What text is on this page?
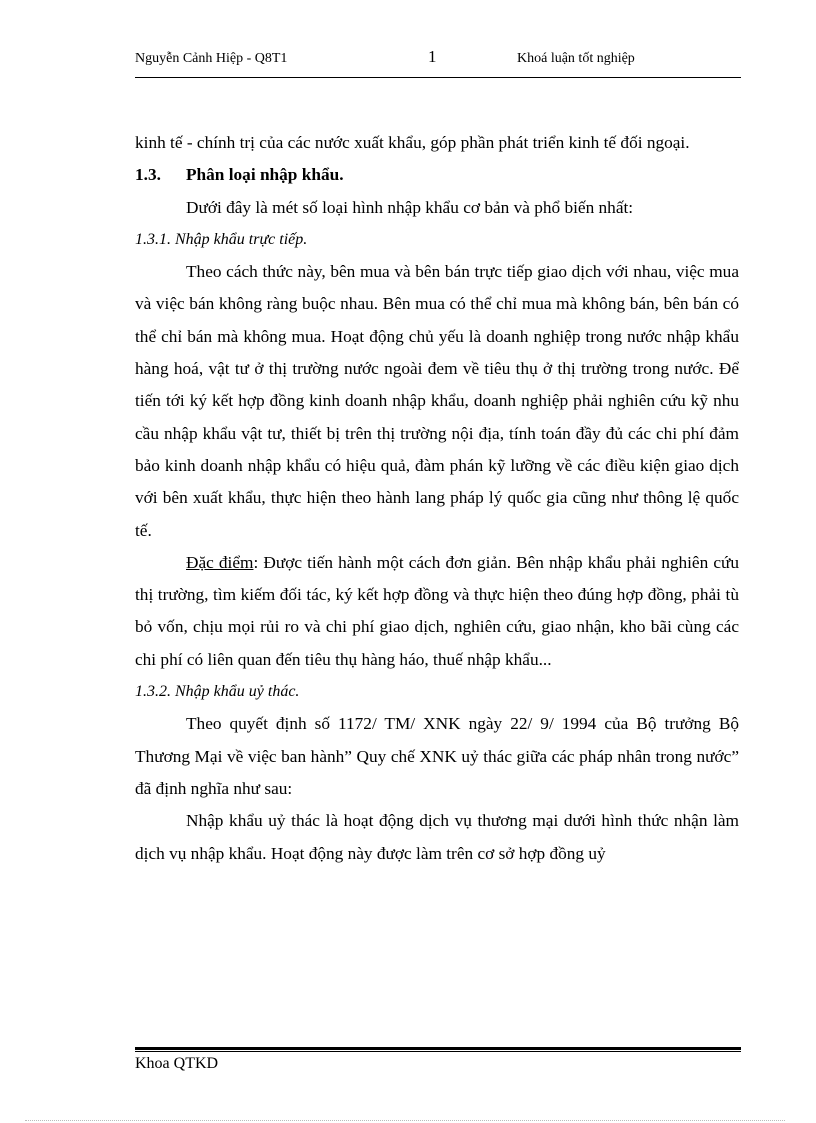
Nguyễn Cảnh Hiệp - Q8T1	1	Khoá luận tốt nghiệp

kinh tế - chính trị của các nước xuất khẩu, góp phần phát triển kinh tế đối ngoại.

1.3. Phân loại nhập khẩu.

Dưới đây là mét số loại hình nhập khẩu cơ bản và phổ biến nhất:

1.3.1. Nhập khẩu trực tiếp.

Theo cách thức này, bên mua và bên bán trực tiếp giao dịch với nhau, việc mua và việc bán không ràng buộc nhau. Bên mua có thể chỉ mua mà không bán, bên bán có thể chỉ bán mà không mua. Hoạt động chủ yếu là doanh nghiệp trong nước nhập khẩu hàng hoá, vật tư ở thị trường nước ngoài đem về tiêu thụ ở thị trường trong nước. Để tiến tới ký kết hợp đồng kinh doanh nhập khẩu, doanh nghiệp phải nghiên cứu kỹ nhu cầu nhập khẩu vật tư, thiết bị trên thị trường nội địa, tính toán đầy đủ các chi phí đảm bảo kinh doanh nhập khẩu có hiệu quả, đàm phán kỹ lưỡng về các điều kiện giao dịch với bên xuất khẩu, thực hiện theo hành lang pháp lý quốc gia cũng như thông lệ quốc tế.

Đặc điểm: Được tiến hành một cách đơn giản. Bên nhập khẩu phải nghiên cứu thị trường, tìm kiếm đối tác, ký kết hợp đồng và thực hiện theo đúng hợp đồng, phải tù bỏ vốn, chịu mọi rủi ro và chi phí giao dịch, nghiên cứu, giao nhận, kho bãi cùng các chi phí có liên quan đến tiêu thụ hàng háo, thuế nhập khẩu...

1.3.2. Nhập khẩu uỷ thác.

Theo quyết định số 1172/ TM/ XNK ngày 22/ 9/ 1994 của Bộ trưởng Bộ Thương Mại về việc ban hành” Quy chế XNK uỷ thác giữa các pháp nhân trong nước” đã định nghĩa như sau:

Nhập khẩu uỷ thác là hoạt động dịch vụ thương mại dưới hình thức nhận làm dịch vụ nhập khẩu. Hoạt động này được làm trên cơ sở hợp đồng uỷ

Khoa QTKD
